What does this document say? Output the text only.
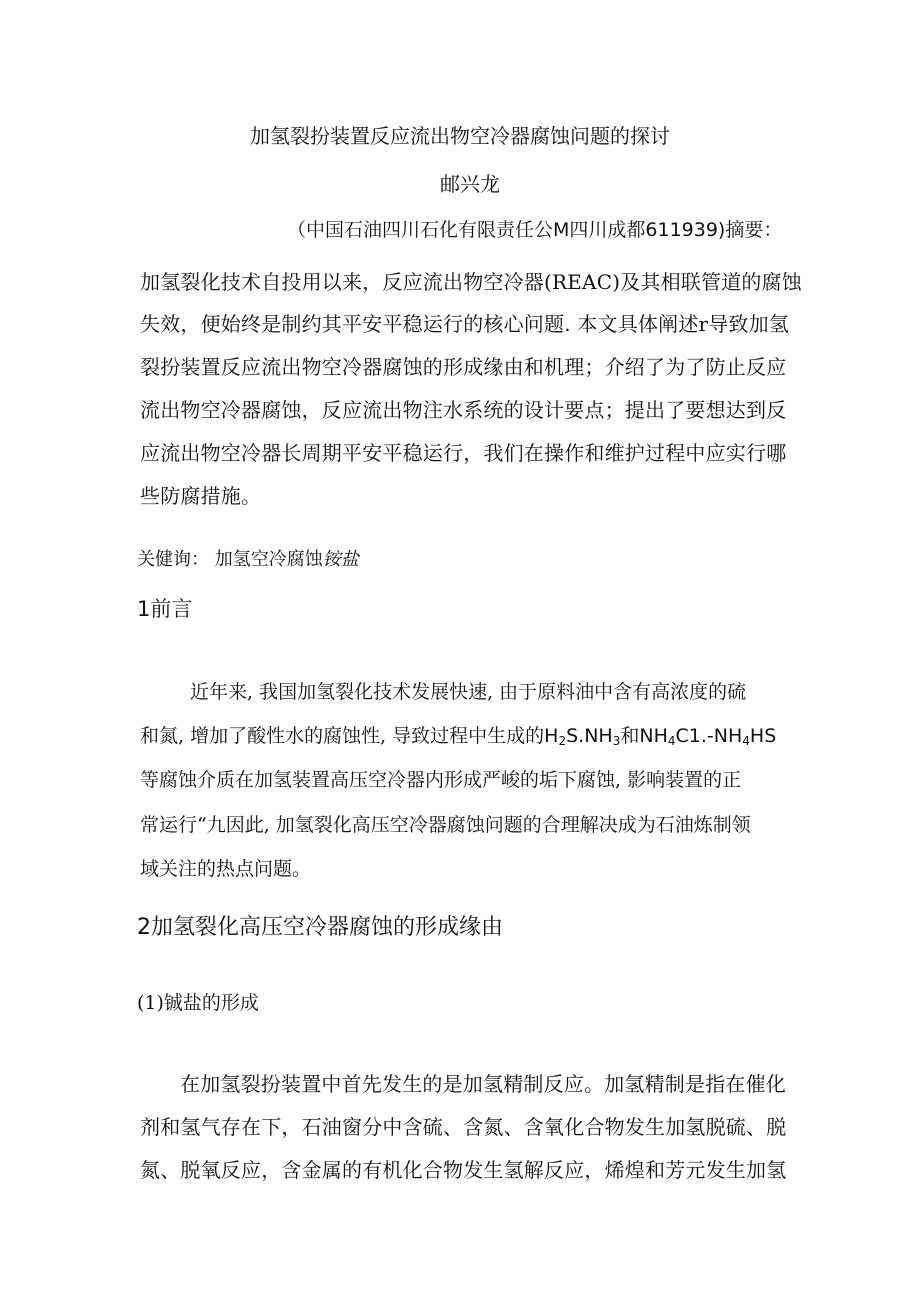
加氢裂扮装置反应流出物空冷器腐蚀问题的探讨
邮兴龙
（中国石油四川石化有限责任公M四川成都611939)摘要：
加氢裂化技术自投用以来，反应流出物空冷器(REAC)及其相联管道的腐蚀
失效，便始终是制约其平安平稳运行的核心问题. 本文具体阐述r导致加氢
裂扮装置反应流出物空冷器腐蚀的形成缘由和机理；介绍了为了防止反应
流出物空冷器腐蚀，反应流出物注水系统的设计要点；提出了要想达到反
应流出物空冷器长周期平安平稳运行，我们在操作和维护过程中应实行哪
些防腐措施。
关健询： 加氢空冷腐蚀铵盐
1前言
近年来, 我国加氢裂化技术发展快速, 由于原料油中含有高浓度的硫
和氮, 增加了酸性水的腐蚀性, 导致过程中生成的$H_2S.NH_3$和$NH_4C1.-NH_4HS$
等腐蚀介质在加氢装置高压空冷器内形成严峻的垢下腐蚀, 影响装置的正
常运行“九因此, 加氢裂化高压空冷器腐蚀问题的合理解决成为石油炼制领
域关注的热点问题。
2加氢裂化高压空冷器腐蚀的形成缘由
(1)铖盐的形成
在加氢裂扮装置中首先发生的是加氢精制反应。加氢精制是指在催化
剂和氢气存在下，石油窗分中含硫、含氮、含氧化合物发生加氢脱硫、脱
氮、脱氧反应，含金属的有机化合物发生氢解反应，烯煌和芳元发生加氢
